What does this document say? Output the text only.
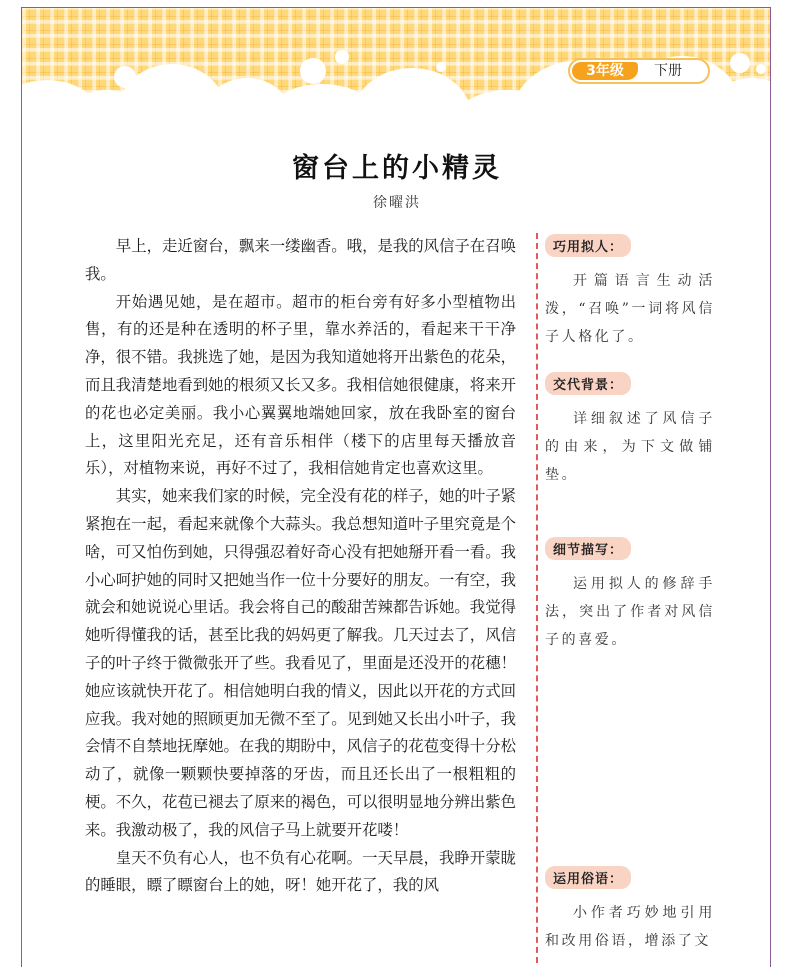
3年级	下册
窗台上的小精灵
徐曜洪

早上，走近窗台，飘来一缕幽香。哦，是我的风信子在召唤我。

开始遇见她，是在超市。超市的柜台旁有好多小型植物出售，有的还是种在透明的杯子里，靠水养活的，看起来干干净净，很不错。我挑选了她，是因为我知道她将开出紫色的花朵，而且我清楚地看到她的根须又长又多。我相信她很健康，将来开的花也必定美丽。我小心翼翼地端她回家，放在我卧室的窗台上，这里阳光充足，还有音乐相伴（楼下的店里每天播放音乐），对植物来说，再好不过了，我相信她肯定也喜欢这里。

其实，她来我们家的时候，完全没有花的样子，她的叶子紧紧抱在一起，看起来就像个大蒜头。我总想知道叶子里究竟是个啥，可又怕伤到她，只得强忍着好奇心没有把她掰开看一看。我小心呵护她的同时又把她当作一位十分要好的朋友。一有空，我就会和她说说心里话。我会将自己的酸甜苦辣都告诉她。我觉得她听得懂我的话，甚至比我的妈妈更了解我。几天过去了，风信子的叶子终于微微张开了些。我看见了，里面是还没开的花穗！她应该就快开花了。相信她明白我的情义，因此以开花的方式回应我。我对她的照顾更加无微不至了。见到她又长出小叶子，我会情不自禁地抚摩她。在我的期盼中，风信子的花苞变得十分松动了，就像一颗颗快要掉落的牙齿，而且还长出了一根粗粗的梗。不久，花苞已褪去了原来的褐色，可以很明显地分辨出紫色来。我激动极了，我的风信子马上就要开花喽！

皇天不负有心人，也不负有心花啊。一天早晨，我睁开蒙眬的睡眼，瞟了瞟窗台上的她，呀！她开花了，我的风

巧用拟人：
开篇语言生动活泼，“召唤”一词将风信子人格化了。
交代背景：
详细叙述了风信子的由来，为下文做铺垫。
细节描写：
运用拟人的修辞手法，突出了作者对风信子的喜爱。
运用俗语：
小作者巧妙地引用和改用俗语，增添了文
